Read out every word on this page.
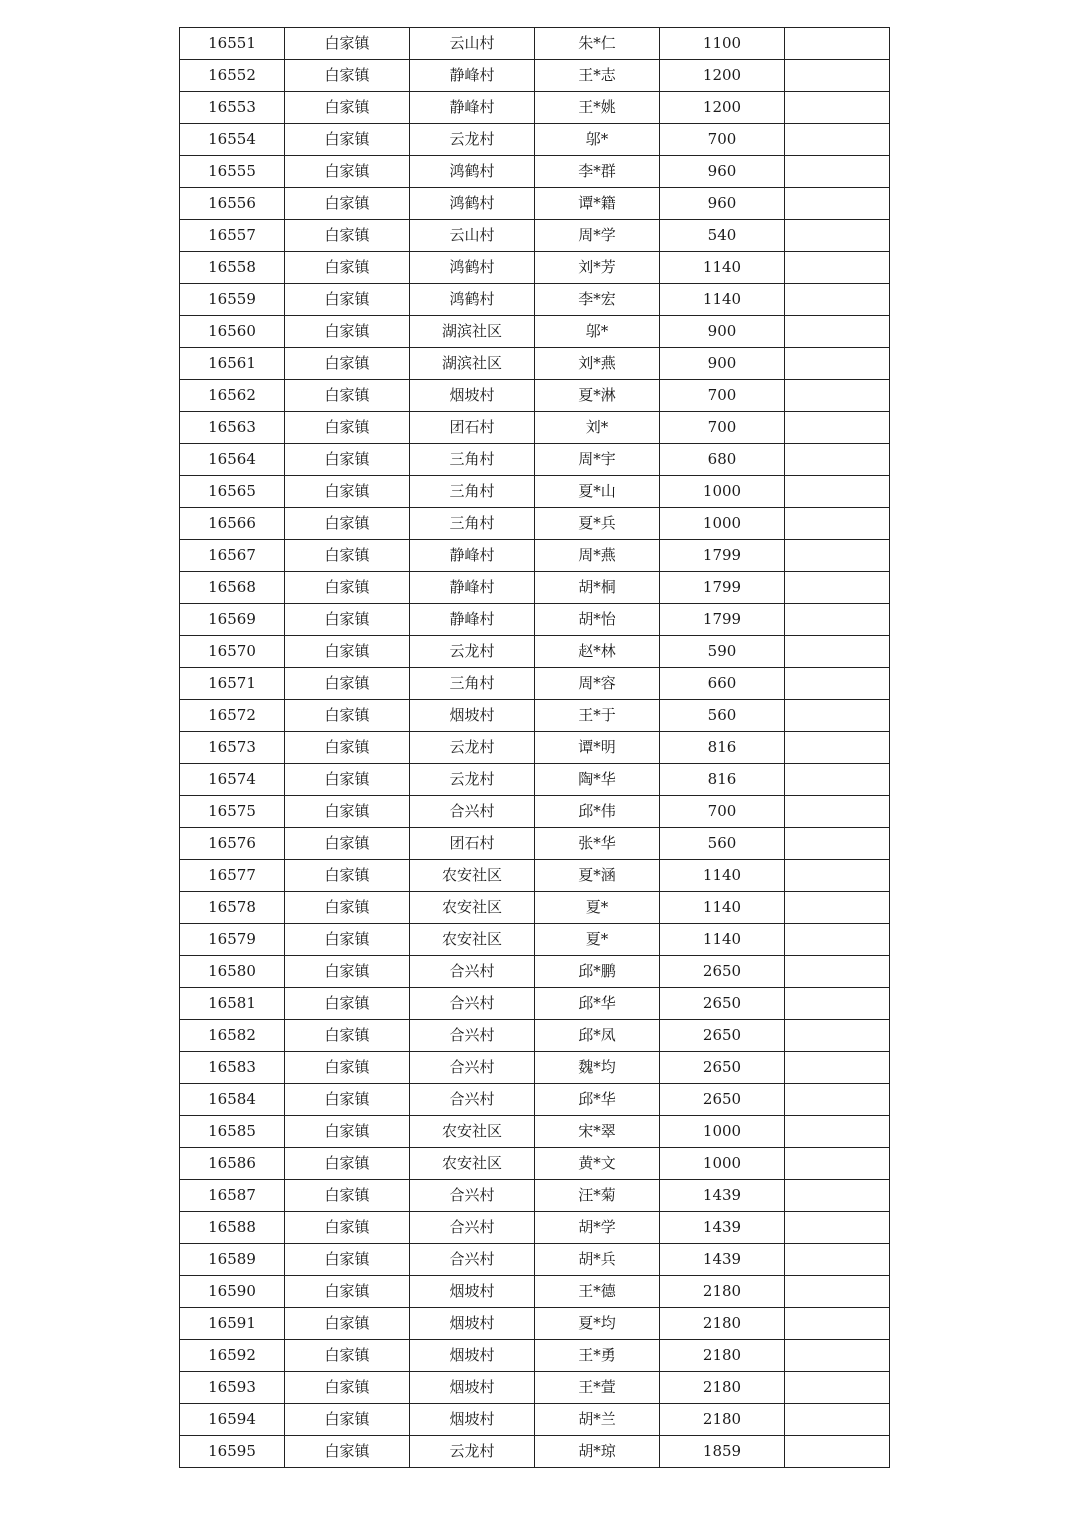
16551	白家镇	云山村	朱*仁	1100	
16552	白家镇	静峰村	王*志	1200	
16553	白家镇	静峰村	王*姚	1200	
16554	白家镇	云龙村	邬*	700	
16555	白家镇	鸿鹤村	李*群	960	
16556	白家镇	鸿鹤村	谭*籍	960	
16557	白家镇	云山村	周*学	540	
16558	白家镇	鸿鹤村	刘*芳	1140	
16559	白家镇	鸿鹤村	李*宏	1140	
16560	白家镇	湖滨社区	邬*	900	
16561	白家镇	湖滨社区	刘*燕	900	
16562	白家镇	烟坡村	夏*淋	700	
16563	白家镇	团石村	刘*	700	
16564	白家镇	三角村	周*宇	680	
16565	白家镇	三角村	夏*山	1000	
16566	白家镇	三角村	夏*兵	1000	
16567	白家镇	静峰村	周*燕	1799	
16568	白家镇	静峰村	胡*桐	1799	
16569	白家镇	静峰村	胡*怡	1799	
16570	白家镇	云龙村	赵*林	590	
16571	白家镇	三角村	周*容	660	
16572	白家镇	烟坡村	王*于	560	
16573	白家镇	云龙村	谭*明	816	
16574	白家镇	云龙村	陶*华	816	
16575	白家镇	合兴村	邱*伟	700	
16576	白家镇	团石村	张*华	560	
16577	白家镇	农安社区	夏*涵	1140	
16578	白家镇	农安社区	夏*	1140	
16579	白家镇	农安社区	夏*	1140	
16580	白家镇	合兴村	邱*鹏	2650	
16581	白家镇	合兴村	邱*华	2650	
16582	白家镇	合兴村	邱*凤	2650	
16583	白家镇	合兴村	魏*均	2650	
16584	白家镇	合兴村	邱*华	2650	
16585	白家镇	农安社区	宋*翠	1000	
16586	白家镇	农安社区	黄*文	1000	
16587	白家镇	合兴村	汪*菊	1439	
16588	白家镇	合兴村	胡*学	1439	
16589	白家镇	合兴村	胡*兵	1439	
16590	白家镇	烟坡村	王*德	2180	
16591	白家镇	烟坡村	夏*均	2180	
16592	白家镇	烟坡村	王*勇	2180	
16593	白家镇	烟坡村	王*萱	2180	
16594	白家镇	烟坡村	胡*兰	2180	
16595	白家镇	云龙村	胡*琼	1859	
